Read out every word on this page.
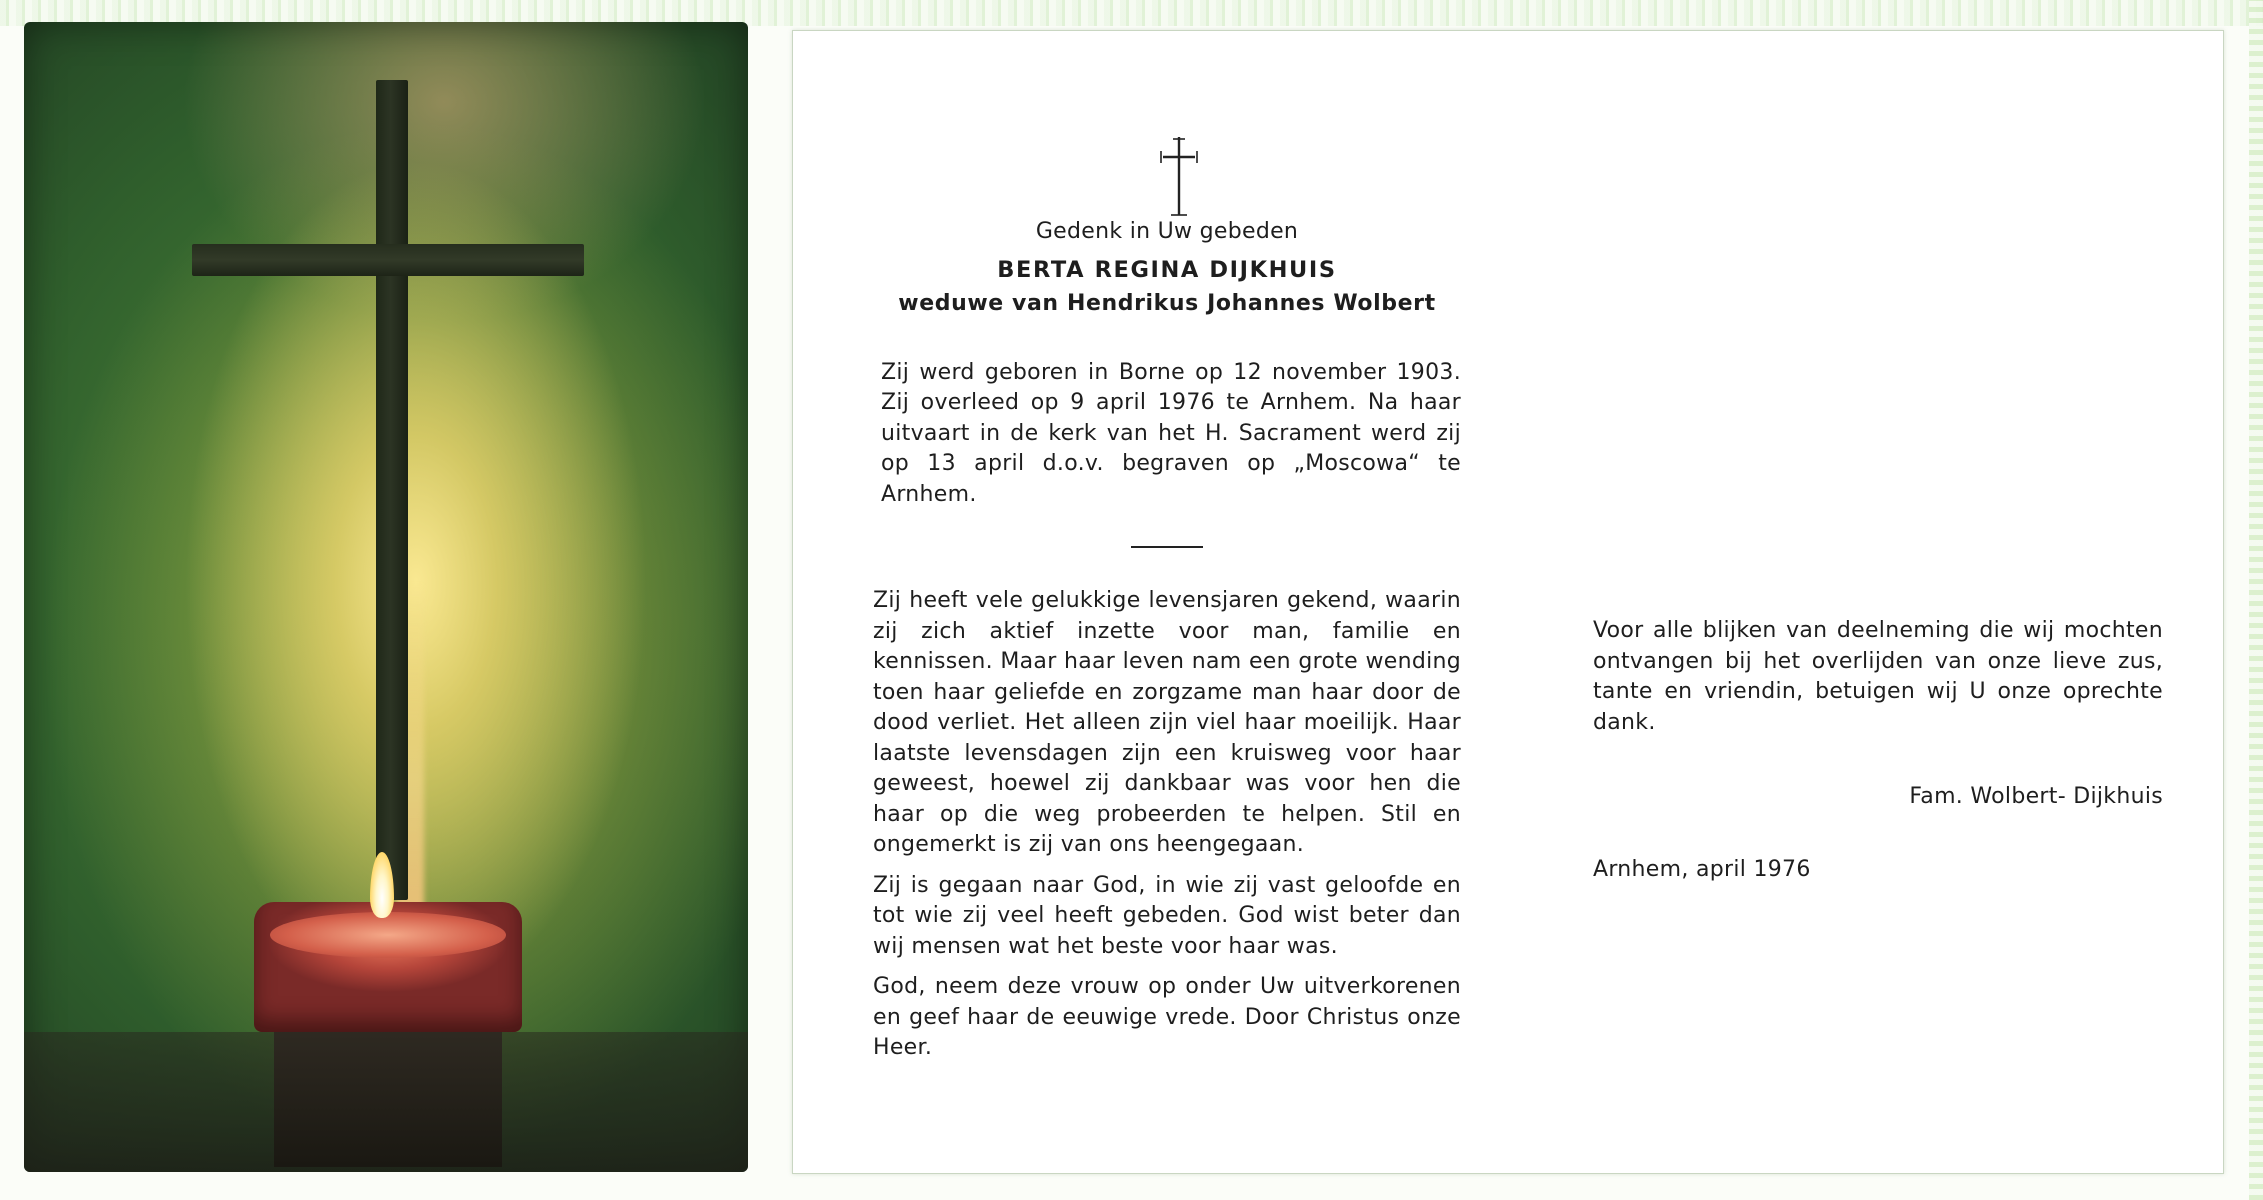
Gedenk in Uw gebeden

BERTA REGINA DIJKHUIS

weduwe van Hendrikus Johannes Wolbert

Zij werd geboren in Borne op 12 november 1903. Zij overleed op 9 april 1976 te Arnhem. Na haar uitvaart in de kerk van het H. Sacrament werd zij op 13 april d.o.v. begraven op „Moscowa“ te Arnhem.

Zij heeft vele gelukkige levensjaren gekend, waarin zij zich aktief inzette voor man, familie en kennissen. Maar haar leven nam een grote wending toen haar geliefde en zorgzame man haar door de dood verliet. Het alleen zijn viel haar moeilijk. Haar laatste levensdagen zijn een kruisweg voor haar geweest, hoewel zij dankbaar was voor hen die haar op die weg probeerden te helpen. Stil en ongemerkt is zij van ons heengegaan.

Zij is gegaan naar God, in wie zij vast geloofde en tot wie zij veel heeft gebeden. God wist beter dan wij mensen wat het beste voor haar was.

God, neem deze vrouw op onder Uw uitverkorenen en geef haar de eeuwige vrede. Door Christus onze Heer.

Voor alle blijken van deelneming die wij mochten ontvangen bij het overlijden van onze lieve zus, tante en vriendin, betuigen wij U onze oprechte dank.

Fam. Wolbert- Dijkhuis

Arnhem, april 1976
